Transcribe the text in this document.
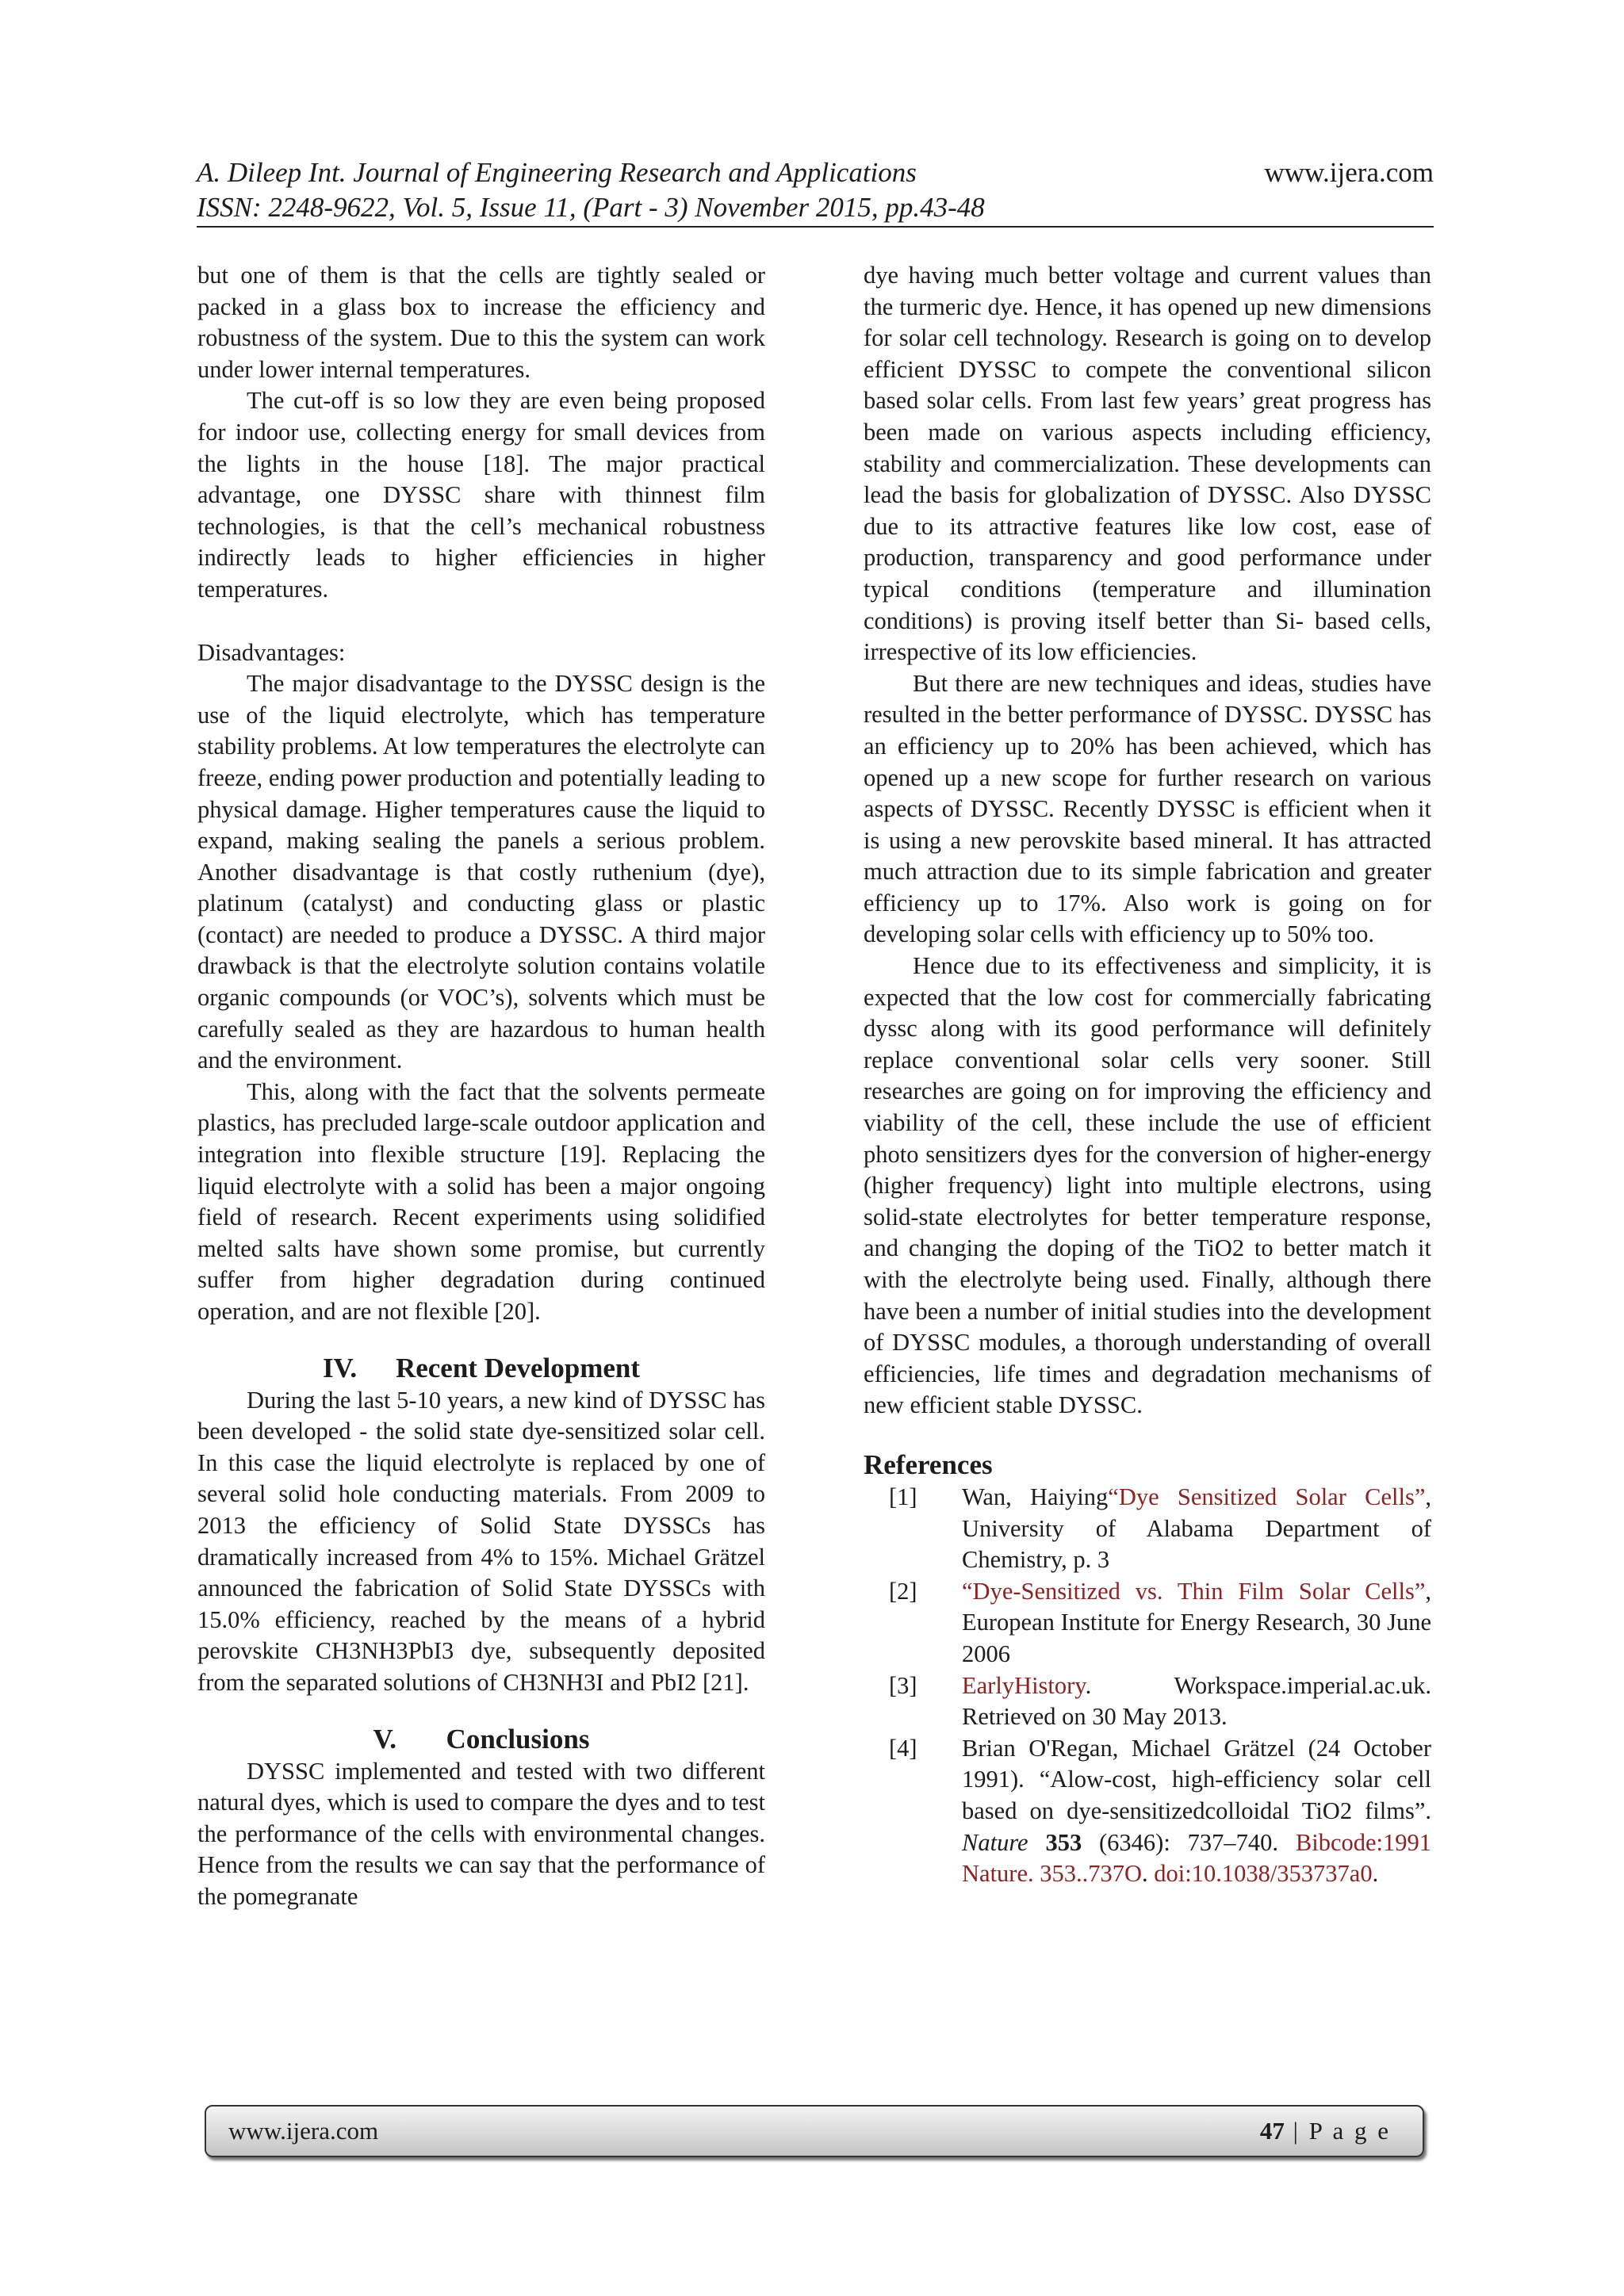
A. Dileep Int. Journal of Engineering Research and Applications	www.ijera.com
ISSN: 2248-9622, Vol. 5, Issue 11, (Part - 3) November 2015, pp.43-48

but one of them is that the cells are tightly sealed or packed in a glass box to increase the efficiency and robustness of the system. Due to this the system can work under lower internal temperatures.

The cut-off is so low they are even being proposed for indoor use, collecting energy for small devices from the lights in the house [18]. The major practical advantage, one DYSSC share with thinnest film technologies, is that the cell’s mechanical robustness indirectly leads to higher efficiencies in higher temperatures.

Disadvantages:

The major disadvantage to the DYSSC design is the use of the liquid electrolyte, which has temperature stability problems. At low temperatures the electrolyte can freeze, ending power production and potentially leading to physical damage. Higher temperatures cause the liquid to expand, making sealing the panels a serious problem. Another disadvantage is that costly ruthenium (dye), platinum (catalyst) and conducting glass or plastic (contact) are needed to produce a DYSSC. A third major drawback is that the electrolyte solution contains volatile organic compounds (or VOC’s), solvents which must be carefully sealed as they are hazardous to human health and the environment.

This, along with the fact that the solvents permeate plastics, has precluded large-scale outdoor application and integration into flexible structure [19]. Replacing the liquid electrolyte with a solid has been a major ongoing field of research. Recent experiments using solidified melted salts have shown some promise, but currently suffer from higher degradation during continued operation, and are not flexible [20].

IV. Recent Development

During the last 5-10 years, a new kind of DYSSC has been developed - the solid state dye-sensitized solar cell. In this case the liquid electrolyte is replaced by one of several solid hole conducting materials. From 2009 to 2013 the efficiency of Solid State DYSSCs has dramatically increased from 4% to 15%. Michael Grätzel announced the fabrication of Solid State DYSSCs with 15.0% efficiency, reached by the means of a hybrid perovskite CH3NH3PbI3 dye, subsequently deposited from the separated solutions of CH3NH3I and PbI2 [21].

V. Conclusions

DYSSC implemented and tested with two different natural dyes, which is used to compare the dyes and to test the performance of the cells with environmental changes. Hence from the results we can say that the performance of the pomegranate

dye having much better voltage and current values than the turmeric dye. Hence, it has opened up new dimensions for solar cell technology. Research is going on to develop efficient DYSSC to compete the conventional silicon based solar cells. From last few years’ great progress has been made on various aspects including efficiency, stability and commercialization. These developments can lead the basis for globalization of DYSSC. Also DYSSC due to its attractive features like low cost, ease of production, transparency and good performance under typical conditions (temperature and illumination conditions) is proving itself better than Si- based cells, irrespective of its low efficiencies.

But there are new techniques and ideas, studies have resulted in the better performance of DYSSC. DYSSC has an efficiency up to 20% has been achieved, which has opened up a new scope for further research on various aspects of DYSSC. Recently DYSSC is efficient when it is using a new perovskite based mineral. It has attracted much attraction due to its simple fabrication and greater efficiency up to 17%. Also work is going on for developing solar cells with efficiency up to 50% too.

Hence due to its effectiveness and simplicity, it is expected that the low cost for commercially fabricating dyssc along with its good performance will definitely replace conventional solar cells very sooner. Still researches are going on for improving the efficiency and viability of the cell, these include the use of efficient photo sensitizers dyes for the conversion of higher-energy (higher frequency) light into multiple electrons, using solid-state electrolytes for better temperature response, and changing the doping of the TiO2 to better match it with the electrolyte being used. Finally, although there have been a number of initial studies into the development of DYSSC modules, a thorough understanding of overall efficiencies, life times and degradation mechanisms of new efficient stable DYSSC.

References
[1]	Wan, Haiying“Dye Sensitized Solar Cells”, University of Alabama Department of Chemistry, p. 3
[2]	“Dye-Sensitized vs. Thin Film Solar Cells”, European Institute for Energy Research, 30 June 2006
[3]	EarlyHistory. Workspace.imperial.ac.uk. Retrieved on 30 May 2013.
[4]	Brian O'Regan, Michael Grätzel (24 October 1991). “Alow-cost, high-efficiency solar cell based on dye-sensitizedcolloidal TiO2 films”. Nature 353 (6346): 737–740. Bibcode:1991 Nature. 353..737O. doi:10.1038/353737a0.
www.ijera.com	47 | P a g e
